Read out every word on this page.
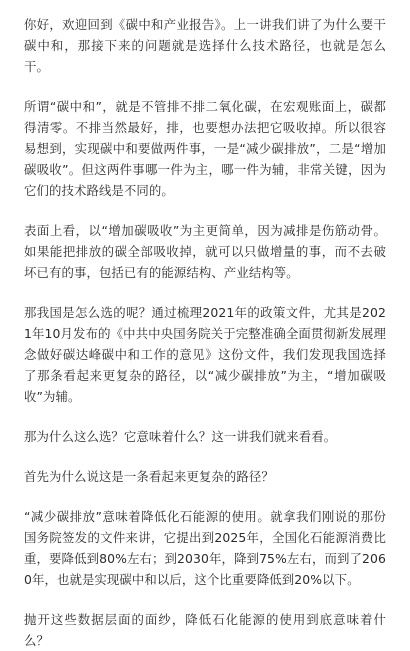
你好，欢迎回到《碳中和产业报告》。上一讲我们讲了为什么要干碳中和，那接下来的问题就是选择什么技术路径，也就是怎么干。

所谓“碳中和”，就是不管排不排二氧化碳，在宏观账面上，碳都得清零。不排当然最好，排，也要想办法把它吸收掉。所以很容易想到，实现碳中和要做两件事，一是“减少碳排放”，二是“增加碳吸收”。但这两件事哪一件为主，哪一件为辅，非常关键，因为它们的技术路线是不同的。

表面上看，以“增加碳吸收”为主更简单，因为减排是伤筋动骨。如果能把排放的碳全部吸收掉，就可以只做增量的事，而不去破坏已有的事，包括已有的能源结构、产业结构等。

那我国是怎么选的呢？通过梳理2021年的政策文件，尤其是2021年10月发布的《中共中央国务院关于完整准确全面贯彻新发展理念做好碳达峰碳中和工作的意见》这份文件，我们发现我国选择了那条看起来更复杂的路径，以“减少碳排放”为主，“增加碳吸收”为辅。

那为什么这么选？它意味着什么？这一讲我们就来看看。

首先为什么说这是一条看起来更复杂的路径？

“减少碳排放”意味着降低化石能源的使用。就拿我们刚说的那份国务院签发的文件来讲，它提出到2025年，全国化石能源消费比重，要降低到80%左右；到2030年，降到75%左右，而到了2060年，也就是实现碳中和以后，这个比重要降低到20%以下。

抛开这些数据层面的面纱，降低石化能源的使用到底意味着什么？
